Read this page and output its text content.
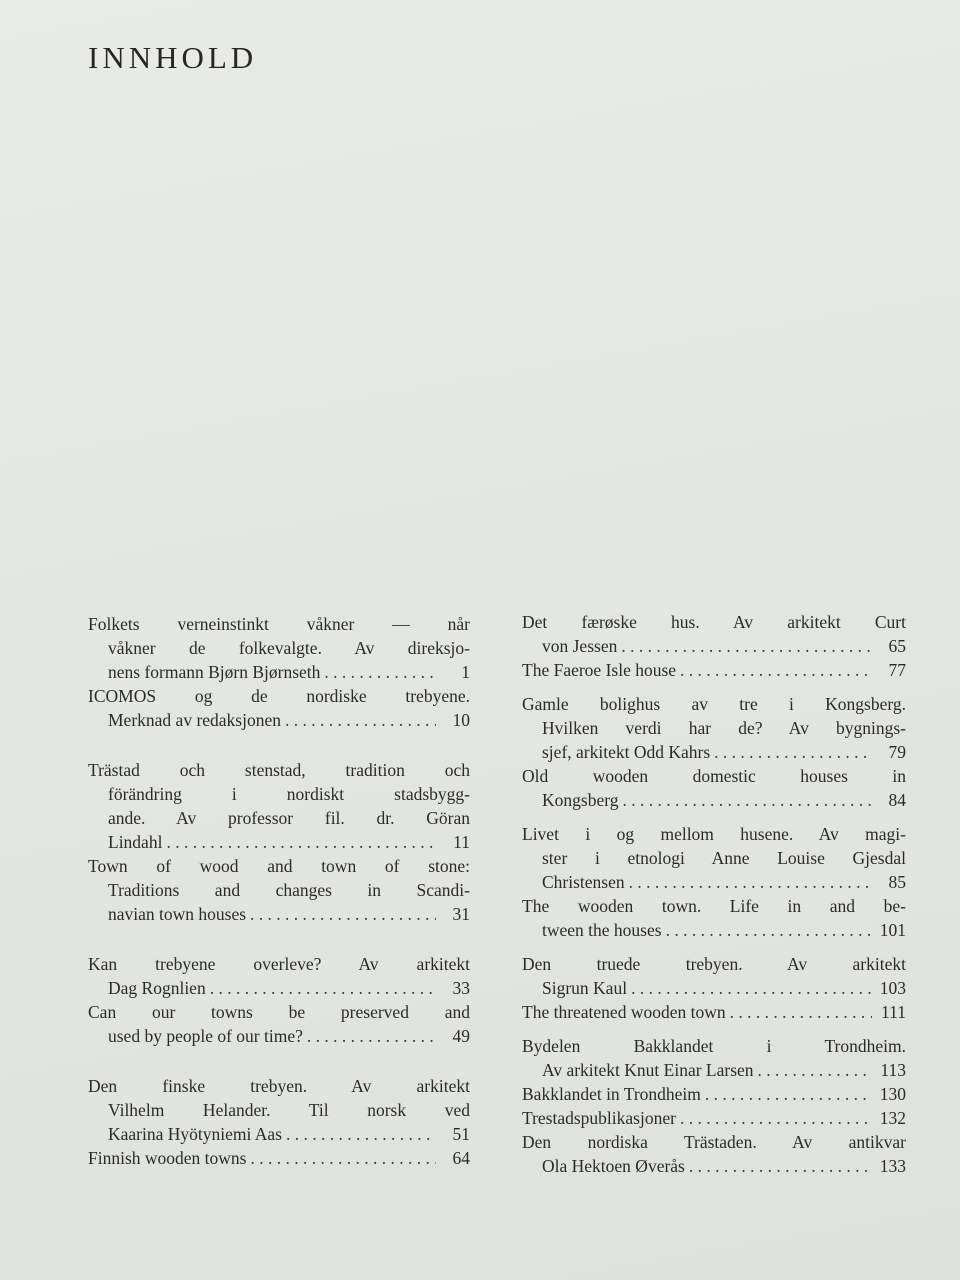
INNHOLD
Folkets verneinstinkt våkner — når
våkner de folkevalgte. Av direksjo-
nens formann Bjørn Bjørnseth . . .	1
ICOMOS og de nordiske trebyene.
Merknad av redaksjonen . . .	10
Trästad och stenstad, tradition och
förändring i nordiskt stadsbygg-
ande. Av professor fil. dr. Göran
Lindahl . . .	11
Town of wood and town of stone:
Traditions and changes in Scandi-
navian town houses . . .	31
Kan trebyene overleve? Av arkitekt
Dag Rognlien . . .	33
Can our towns be preserved and
used by people of our time? . . .	49
Den finske trebyen. Av arkitekt
Vilhelm Helander. Til norsk ved
Kaarina Hyötyniemi Aas . . .	51
Finnish wooden towns . . .	64
Det færøske hus. Av arkitekt Curt
von Jessen . . .	65
The Faeroe Isle house . . .	77
Gamle bolighus av tre i Kongsberg.
Hvilken verdi har de? Av bygnings-
sjef, arkitekt Odd Kahrs . . .	79
Old wooden domestic houses in
Kongsberg . . .	84
Livet i og mellom husene. Av magi-
ster i etnologi Anne Louise Gjesdal
Christensen . . .	85
The wooden town. Life in and be-
tween the houses . . .	101
Den truede trebyen. Av arkitekt
Sigrun Kaul . . .	103
The threatened wooden town . . .	111
Bydelen Bakklandet i Trondheim.
Av arkitekt Knut Einar Larsen . . .	113
Bakklandet in Trondheim . . .	130
Trestadspublikasjoner . . .	132
Den nordiska Trästaden. Av antikvar
Ola Hektoen Øverås . . .	133
